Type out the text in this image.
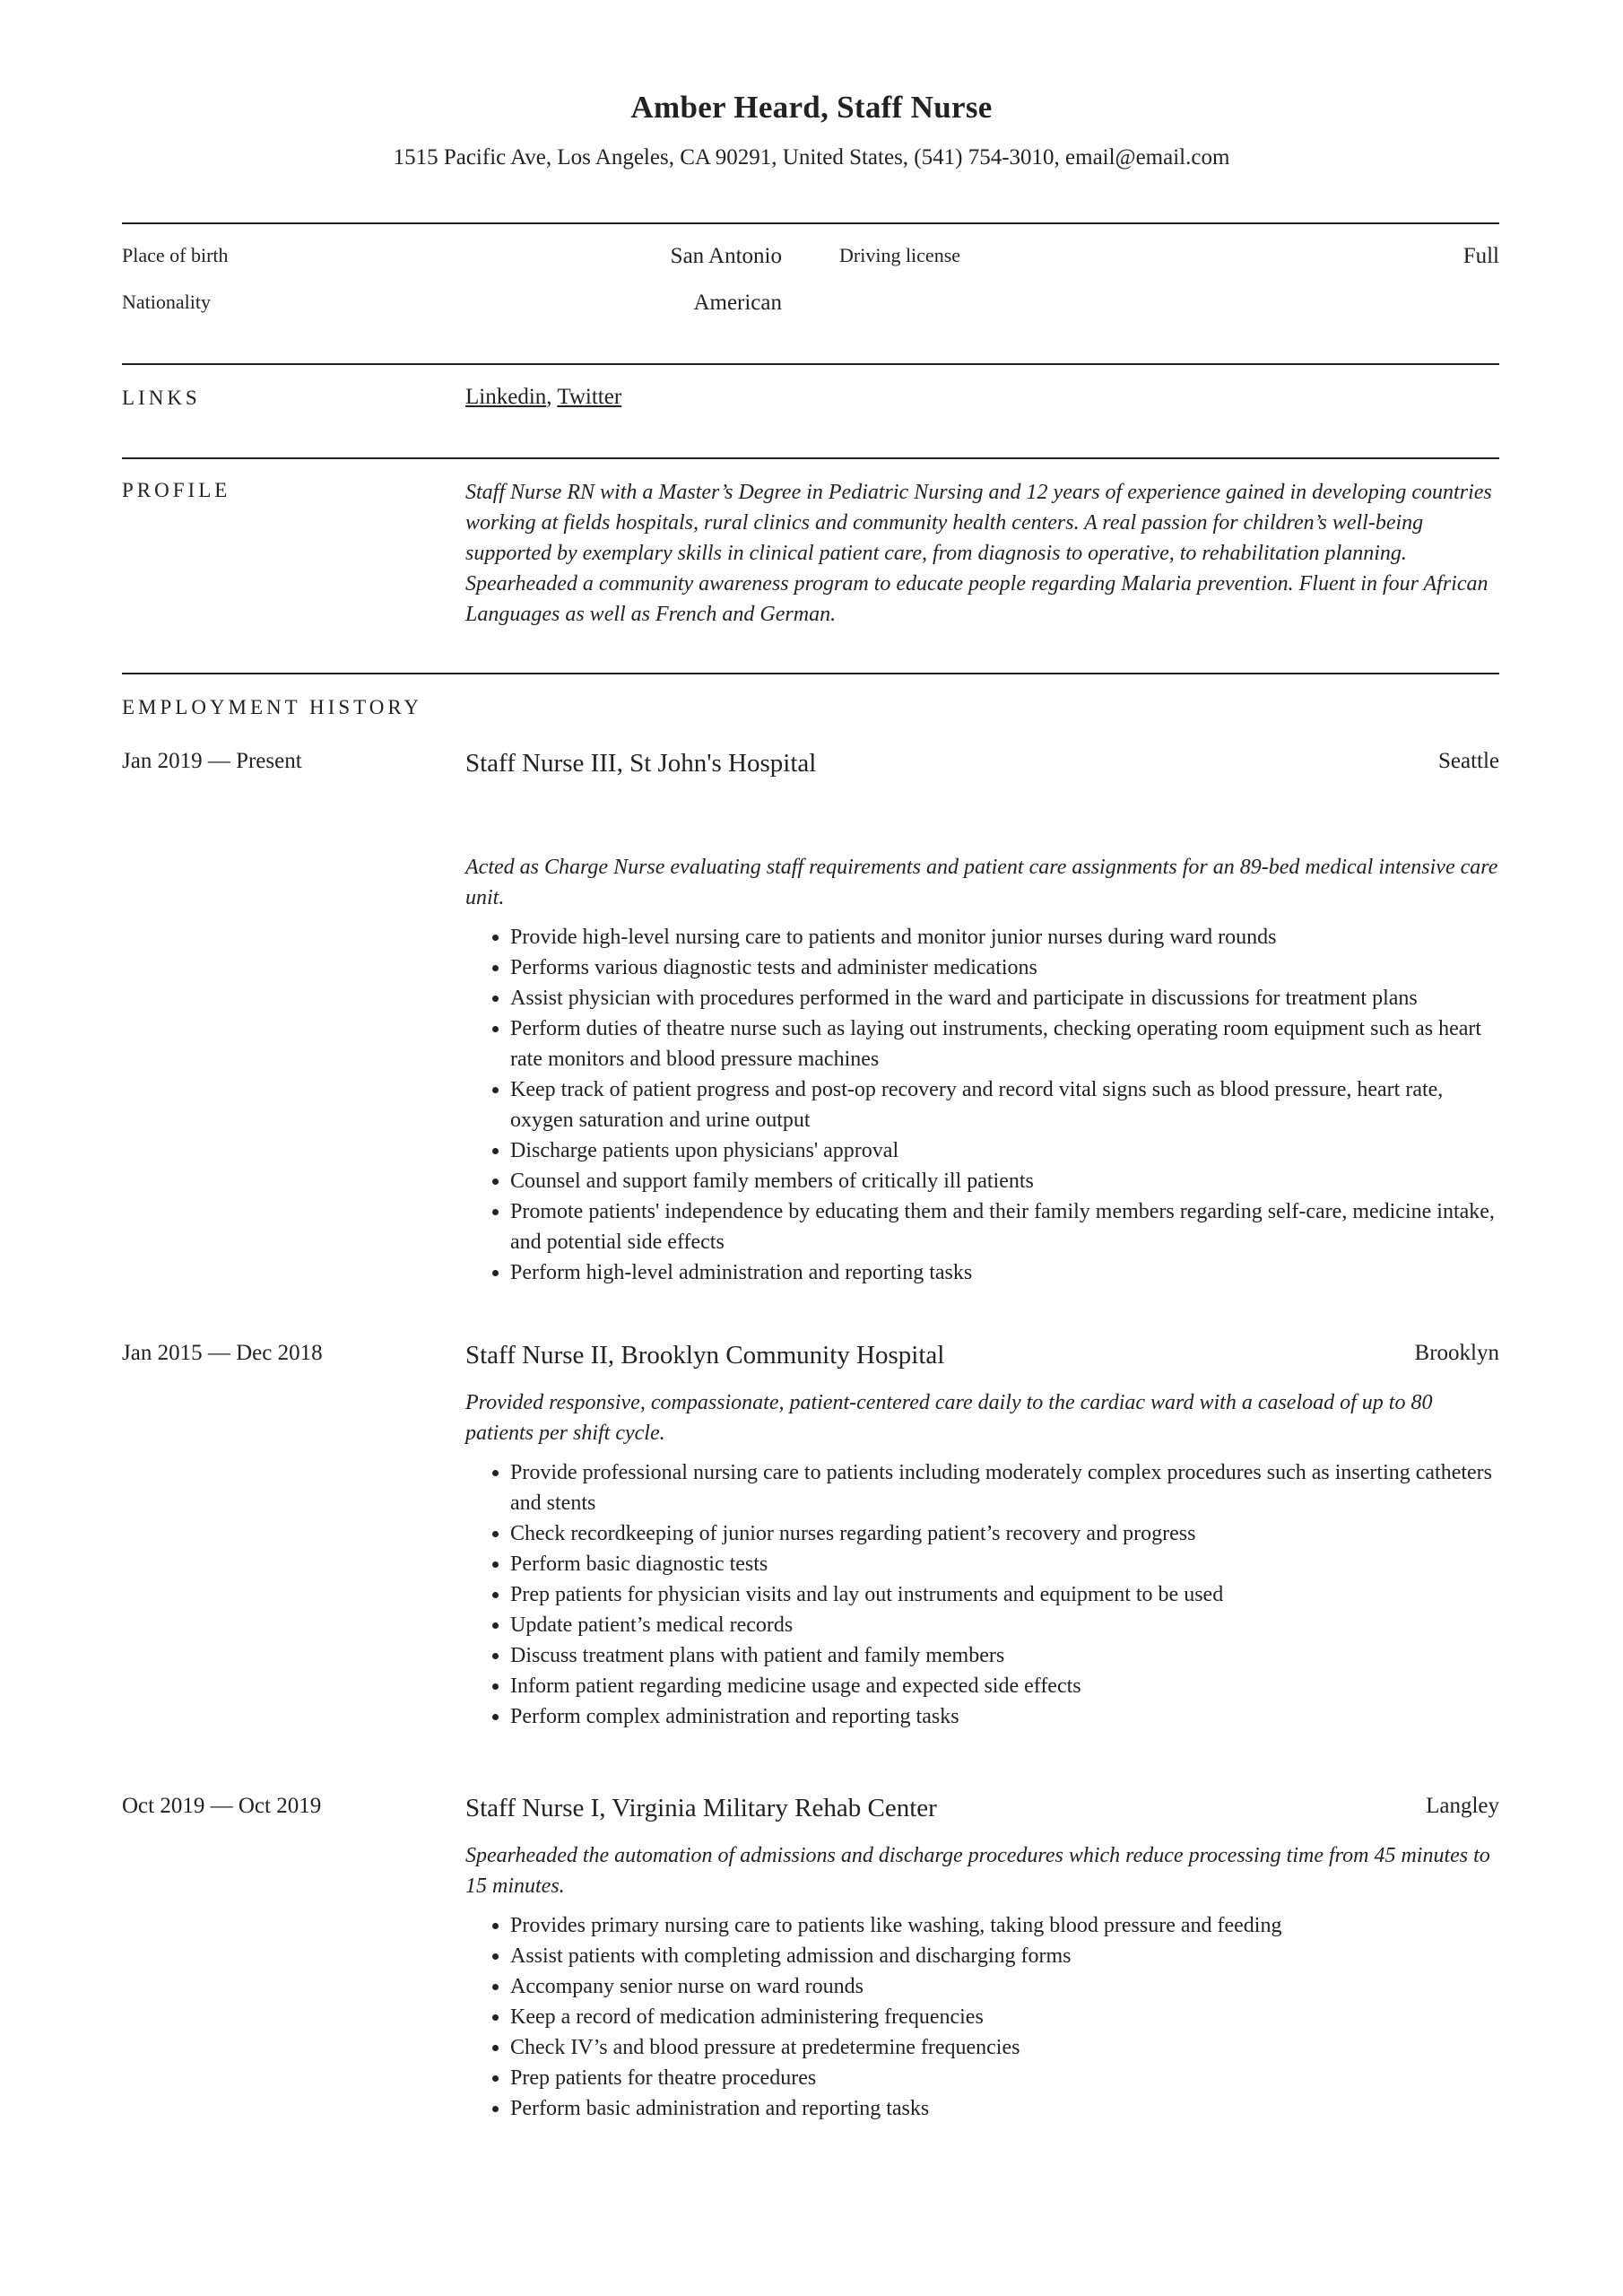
Amber Heard, Staff Nurse
1515 Pacific Ave, Los Angeles, CA 90291, United States, (541) 754-3010, email@email.com
Place of birth	San Antonio
Nationality	American
Driving license	Full
LINKS	Linkedin, Twitter
PROFILE	Staff Nurse RN with a Master’s Degree in Pediatric Nursing and 12 years of experience gained in developing countries working at fields hospitals, rural clinics and community health centers. A real passion for children’s well-being supported by exemplary skills in clinical patient care, from diagnosis to operative, to rehabilitation planning. Spearheaded a community awareness program to educate people regarding Malaria prevention. Fluent in four African Languages as well as French and German.
EMPLOYMENT HISTORY
Jan 2019 — Present	Staff Nurse III, St John's Hospital	Seattle
Acted as Charge Nurse evaluating staff requirements and patient care assignments for an 89-bed medical intensive care unit.
• Provide high-level nursing care to patients and monitor junior nurses during ward rounds
• Performs various diagnostic tests and administer medications
• Assist physician with procedures performed in the ward and participate in discussions for treatment plans
• Perform duties of theatre nurse such as laying out instruments, checking operating room equipment such as heart rate monitors and blood pressure machines
• Keep track of patient progress and post-op recovery and record vital signs such as blood pressure, heart rate, oxygen saturation and urine output
• Discharge patients upon physicians' approval
• Counsel and support family members of critically ill patients
• Promote patients' independence by educating them and their family members regarding self-care, medicine intake, and potential side effects
• Perform high-level administration and reporting tasks
Jan 2015 — Dec 2018	Staff Nurse II, Brooklyn Community Hospital	Brooklyn
Provided responsive, compassionate, patient-centered care daily to the cardiac ward with a caseload of up to 80 patients per shift cycle.
• Provide professional nursing care to patients including moderately complex procedures such as inserting catheters and stents
• Check recordkeeping of junior nurses regarding patient’s recovery and progress
• Perform basic diagnostic tests
• Prep patients for physician visits and lay out instruments and equipment to be used
• Update patient’s medical records
• Discuss treatment plans with patient and family members
• Inform patient regarding medicine usage and expected side effects
• Perform complex administration and reporting tasks
Oct 2019 — Oct 2019	Staff Nurse I, Virginia Military Rehab Center	Langley
Spearheaded the automation of admissions and discharge procedures which reduce processing time from 45 minutes to 15 minutes.
• Provides primary nursing care to patients like washing, taking blood pressure and feeding
• Assist patients with completing admission and discharging forms
• Accompany senior nurse on ward rounds
• Keep a record of medication administering frequencies
• Check IV’s and blood pressure at predetermine frequencies
• Prep patients for theatre procedures
• Perform basic administration and reporting tasks
